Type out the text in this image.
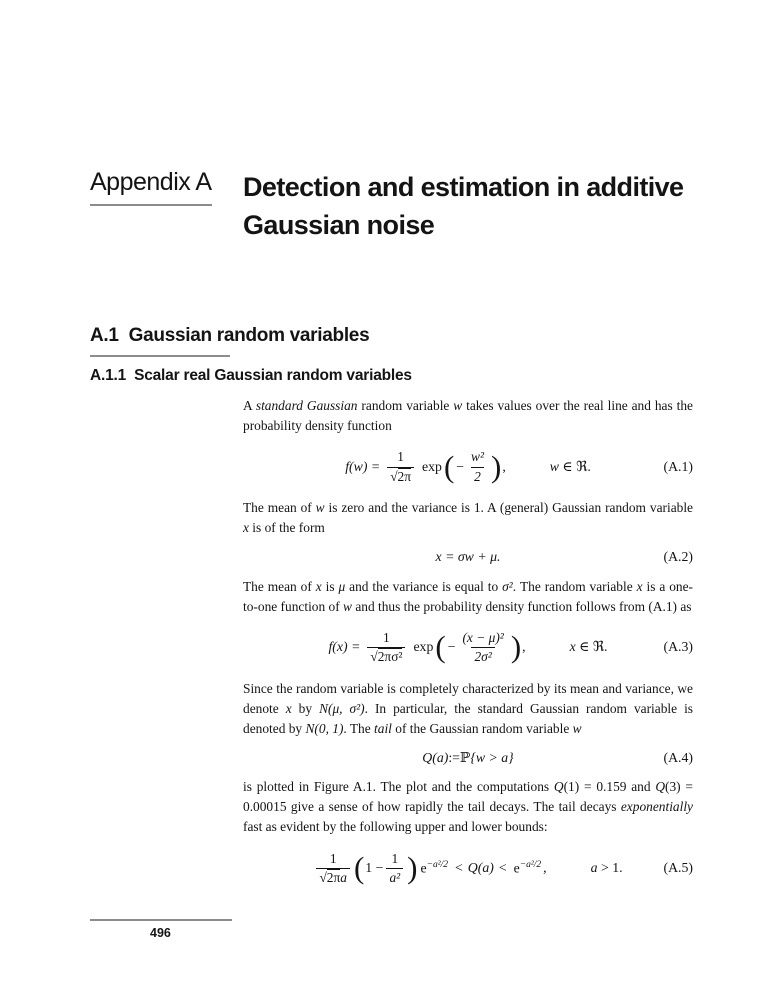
Appendix A	Detection and estimation in additive
Gaussian noise
A.1 Gaussian random variables
A.1.1 Scalar real Gaussian random variables

A standard Gaussian random variable w takes values over the real line and has the probability density function

$f(w) = \frac{1}{√2\pi}$ exp ( − $\frac{\text{w²}}{2}$ ) ,	w ∈ ℜ.	(A.1)

The mean of w is zero and the variance is 1. A (general) Gaussian random variable x is of the form

x = σw + μ.	(A.2)

The mean of x is μ and the variance is equal to σ². The random variable x is a one-to-one function of w and thus the probability density function follows from (A.1) as

$f(x) = \frac{1}{\text{√2πσ²}}$ exp ( − $\frac{\text{(x − μ)²}}{\text{2σ²}}$ ) ,	x ∈ ℜ.	(A.3)

Since the random variable is completely characterized by its mean and variance, we denote x by N(μ, σ²). In particular, the standard Gaussian random variable is denoted by N(0, 1). The tail of the Gaussian random variable w

Q(a) := ℙ {w > a}	(A.4)

is plotted in Figure A.1. The plot and the computations Q(1) = 0.159 and Q(3) = 0.00015 give a sense of how rapidly the tail decays. The tail decays exponentially fast as evident by the following upper and lower bounds:

$\frac{1}{√2\pi a}$ ( $1 - \frac{1}{\text{a²}}$ ) $e^{-a^2/2} < Q(a) < e^{-a^2/2}$ ,	a > 1.	(A.5)
496
